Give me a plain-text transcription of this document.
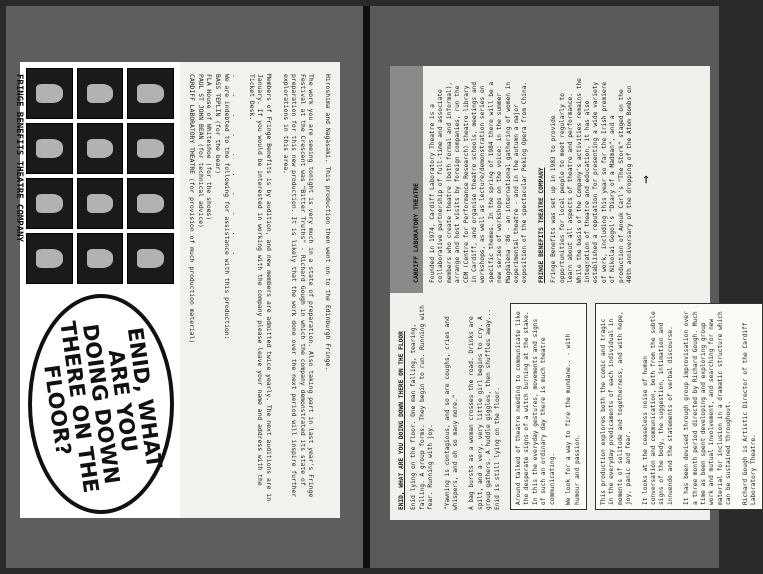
Hiroshima and Nagasaki. This production then went on to the Edinburgh Fringe.
The work you are seeing tonight is very much in a state of preparation. Also taking part in last year's Fringe Festival at the Crescent was "Bitter Truths" - Richard Gough in which the company demonstrated its state of preparation for this new production. It is likely that the work done over the next period will inspire further explorations in this area.
Members of Fringe Benefits is by audition, and new members are admitted twice yearly. The next auditions are in January. If you would be interested in working with the company please leave your name and address with the Ticket Desk.
. . . . . . . . . .
We are indebted to the following for assistance with this production:
BASS TEPLIN (for the bear)
FLA House of Whiteshoe (for the shoes)
PAUL ST JOHN BEAN (for technical advice)
CARDIFF LABORATORY THEATRE (for provision of much production material)
ENID, WHAT ARE YOU DOING DOWN THERE ON THE FLOOR?
FRINGE BENEFITS THEATRE COMPANY
ENID, WHAT ARE YOU DOING DOWN THERE ON THE FLOOR Enid lying on the floor. One man falling, tearing, falling. A group forms. They begin to run. Running with fear. Running with joy. "Yawning is contagious, and so are coughs, cries and whispers, and oh so many more." A bag bursts as a woman crosses the road. Drinks are spilt, and a very, very little girl begins to cry. A group gathers. A huddle giggles, then shuffles away... Enid is still lying on the floor. Around talked of theatre needing to communicate like the desperate signs of a witch burning at the stake. In this the everyday gestures, movements and signs of such an ordinary day there is much theatre communicating. We look for a way to fire the mundane.. - with humour and passion.	This production explores both the comic and tragic in the everyday predicaments of each individual in moments of solitude and togetherness, and with hope, joy, panic and fear. It looks at the ceaseless noise of human conversation and communication, both from the subtle signs of the body, the suggestion, intimation and innuendo and the statements of verbal discourse. It has been devised through group improvisation over a three month period directed by Richard Gough. Much time as been spent developing and exploring group work and mutual involvement, and searching for new material for inclusion in a dramatic structure which can be sustained throughout. Richard Gough is Artistic Director of the Cardiff Laboratory Theatre.
CARDIFF LABORATORY THEATRE Founded in 1974, Cardiff Laboratory Theatre is a collaborative partnership of full-time and associate members who create theatre (both formal and informal), arrange and host visits by foreign companies, run the CEM (Centre for Performance Research) theatre library in Cardiff, and organise theatre schools, meetings and workshops, as well as lecture/demonstration series on specific themes. In the spring of 1984 there will be a new series of workshops on the voice: in the summer Magdalena '86 - an international gathering of women in experimental theatre - and in the autumn a major exposition of the spectacular Peking Opera from China. FRINGE BENEFITS THEATRE COMPANY Fringe Benefits was set up in 1983 to provide opportunities for local people to meet regularly to learn about all aspects of theatre and performance. While the basis of the Company's activities remains the integration of theatre and education, it has also established a reputation for presenting a wide variety of work, including this year so far the Irish premiere of Nikolai Gogol's "Diary of a Madman", and a production of Anouk Carl's "The Stork" staged on the 40th anniversary of the dropping of the Atom Bombs on →
